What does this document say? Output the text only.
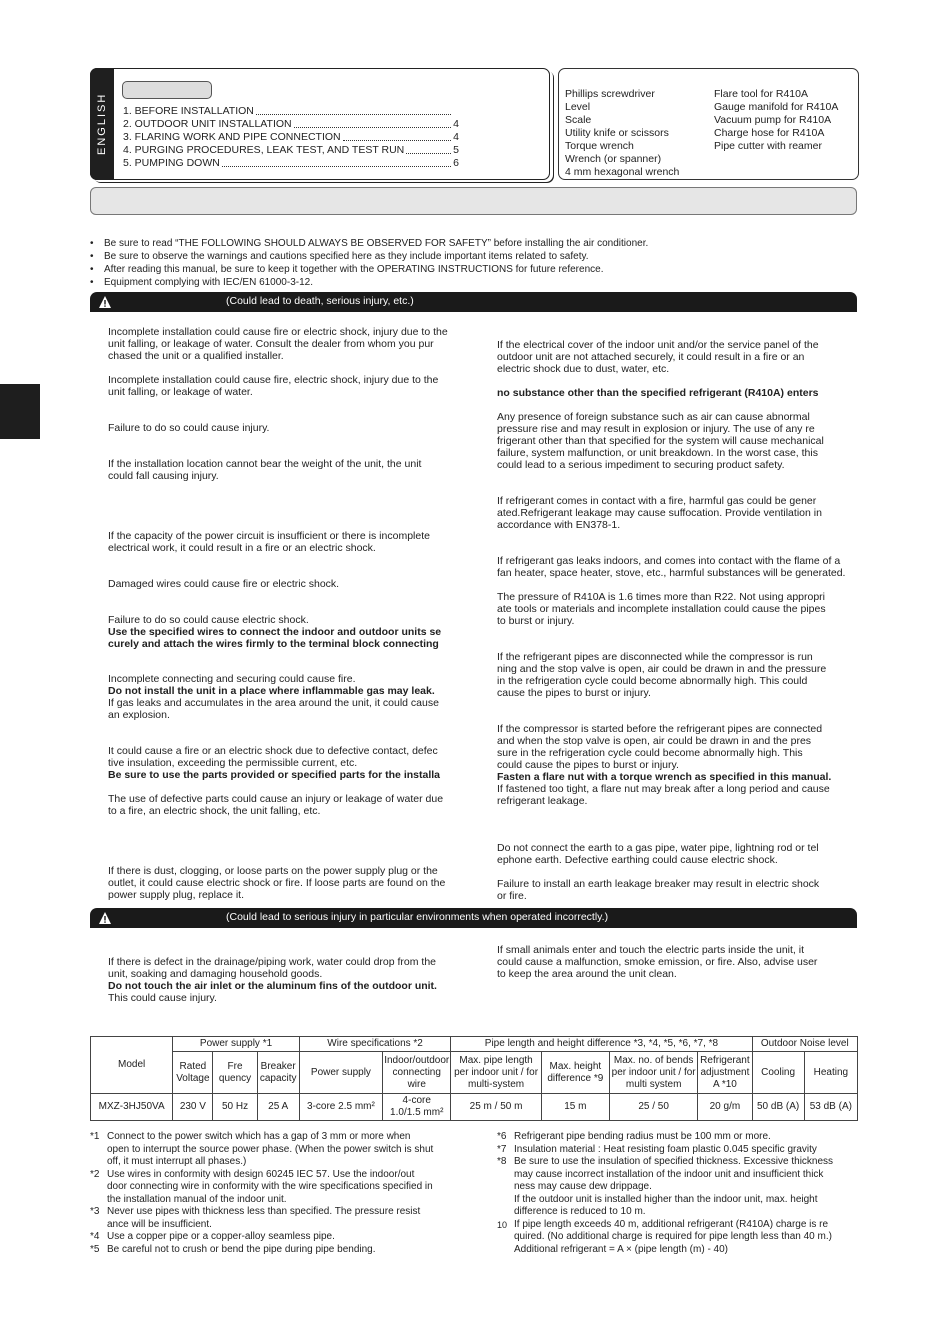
ENGLISH	1. BEFORE INSTALLATION
2. OUTDOOR UNIT INSTALLATION	4
3. FLARING WORK AND PIPE CONNECTION	4
4. PURGING PROCEDURES, LEAK TEST, AND TEST RUN	5
5. PUMPING DOWN	6
Phillips screwdriver
Level
Scale
Utility knife or scissors
Torque wrench
Wrench (or spanner)
4 mm hexagonal wrench
Flare tool for R410A
Gauge manifold for R410A
Vacuum pump for R410A
Charge hose for R410A
Pipe cutter with reamer
• Be sure to read “THE FOLLOWING SHOULD ALWAYS BE OBSERVED FOR SAFETY” before installing the air conditioner.
• Be sure to observe the warnings and cautions specified here as they include important items related to safety.
• After reading this manual, be sure to keep it together with the OPERATING INSTRUCTIONS for future reference.
• Equipment complying with IEC/EN 61000-3-12.
(Could lead to death, serious injury, etc.)
Incomplete installation could cause fire or electric shock, injury due to the
unit falling, or leakage of water. Consult the dealer from whom you pur
chased the unit or a qualified installer.
Incomplete installation could cause fire, electric shock, injury due to the
unit falling, or leakage of water.
Failure to do so could cause injury.
If the installation location cannot bear the weight of the unit, the unit
could fall causing injury.
If the capacity of the power circuit is insufficient or there is incomplete
electrical work, it could result in a fire or an electric shock.
Damaged wires could cause fire or electric shock.
Failure to do so could cause electric shock.
Use the specified wires to connect the indoor and outdoor units se
curely and attach the wires firmly to the terminal block connecting
Incomplete connecting and securing could cause fire.
Do not install the unit in a place where inflammable gas may leak.
If gas leaks and accumulates in the area around the unit, it could cause
an explosion.
It could cause a fire or an electric shock due to defective contact, defec
tive insulation, exceeding the permissible current, etc.
Be sure to use the parts provided or specified parts for the installa
The use of defective parts could cause an injury or leakage of water due
to a fire, an electric shock, the unit falling, etc.
If there is dust, clogging, or loose parts on the power supply plug or the
outlet, it could cause electric shock or fire. If loose parts are found on the
power supply plug, replace it.
If the electrical cover of the indoor unit and/or the service panel of the
outdoor unit are not attached securely, it could result in a fire or an
electric shock due to dust, water, etc.
no substance other than the specified refrigerant (R410A) enters
Any presence of foreign substance such as air can cause abnormal
pressure rise and may result in explosion or injury. The use of any re
frigerant other than that specified for the system will cause mechanical
failure, system malfunction, or unit breakdown. In the worst case, this
could lead to a serious impediment to securing product safety.
If refrigerant comes in contact with a fire, harmful gas could be gener
ated.Refrigerant leakage may cause suffocation. Provide ventilation in
accordance with EN378-1.
If refrigerant gas leaks indoors, and comes into contact with the flame of a
fan heater, space heater, stove, etc., harmful substances will be generated.
The pressure of R410A is 1.6 times more than R22. Not using appropri
ate tools or materials and incomplete installation could cause the pipes
to burst or injury.
If the refrigerant pipes are disconnected while the compressor is run
ning and the stop valve is open, air could be drawn in and the pressure
in the refrigeration cycle could become abnormally high. This could
cause the pipes to burst or injury.
If the compressor is started before the refrigerant pipes are connected
and when the stop valve is open, air could be drawn in and the pres
sure in the refrigeration cycle could become abnormally high. This
could cause the pipes to burst or injury.
Fasten a flare nut with a torque wrench as specified in this manual.
If fastened too tight, a flare nut may break after a long period and cause
refrigerant leakage.
Do not connect the earth to a gas pipe, water pipe, lightning rod or tel
ephone earth. Defective earthing could cause electric shock.
Failure to install an earth leakage breaker may result in electric shock
or fire.
(Could lead to serious injury in particular environments when operated incorrectly.)
If there is defect in the drainage/piping work, water could drop from the
unit, soaking and damaging household goods.
Do not touch the air inlet or the aluminum fins of the outdoor unit.
This could cause injury.
If small animals enter and touch the electric parts inside the unit, it
could cause a malfunction, smoke emission, or fire. Also, advise user
to keep the area around the unit clean.
Model	Power supply *1			Wire specifications *2		Pipe length and height difference *3, *4, *5, *6, *7, *8				Outdoor Noise level	
	Rated Voltage	Fre quency	Breaker capacity	Power supply	Indoor/outdoor connecting wire	Max. pipe length per indoor unit / for multi-system	Max. height difference *9	Max. no. of bends per indoor unit / for multi system	Refrigerant adjustment A *10	Cooling	Heating
MXZ-3HJ50VA	230 V	50 Hz	25 A	3-core 2.5 mm²	4-core
1.0/1.5 mm²	25 m / 50 m	15 m	25 / 50	20 g/m	50 dB (A)	53 dB (A)
*1 Connect to the power switch which has a gap of 3 mm or more when
open to interrupt the source power phase. (When the power switch is shut
off, it must interrupt all phases.)
*2 Use wires in conformity with design 60245 IEC 57. Use the indoor/out
door connecting wire in conformity with the wire specifications specified in
the installation manual of the indoor unit.
*3 Never use pipes with thickness less than specified. The pressure resist
ance will be insufficient.
*4 Use a copper pipe or a copper-alloy seamless pipe.
*5 Be careful not to crush or bend the pipe during pipe bending.
*6 Refrigerant pipe bending radius must be 100 mm or more.
*7 Insulation material : Heat resisting foam plastic 0.045 specific gravity
*8 Be sure to use the insulation of specified thickness. Excessive thickness
may cause incorrect installation of the indoor unit and insufficient thick
ness may cause dew drippage.
If the outdoor unit is installed higher than the indoor unit, max. height
difference is reduced to 10 m.
10 If pipe length exceeds 40 m, additional refrigerant (R410A) charge is re
quired. (No additional charge is required for pipe length less than 40 m.)
Additional refrigerant = A × (pipe length (m) - 40)
